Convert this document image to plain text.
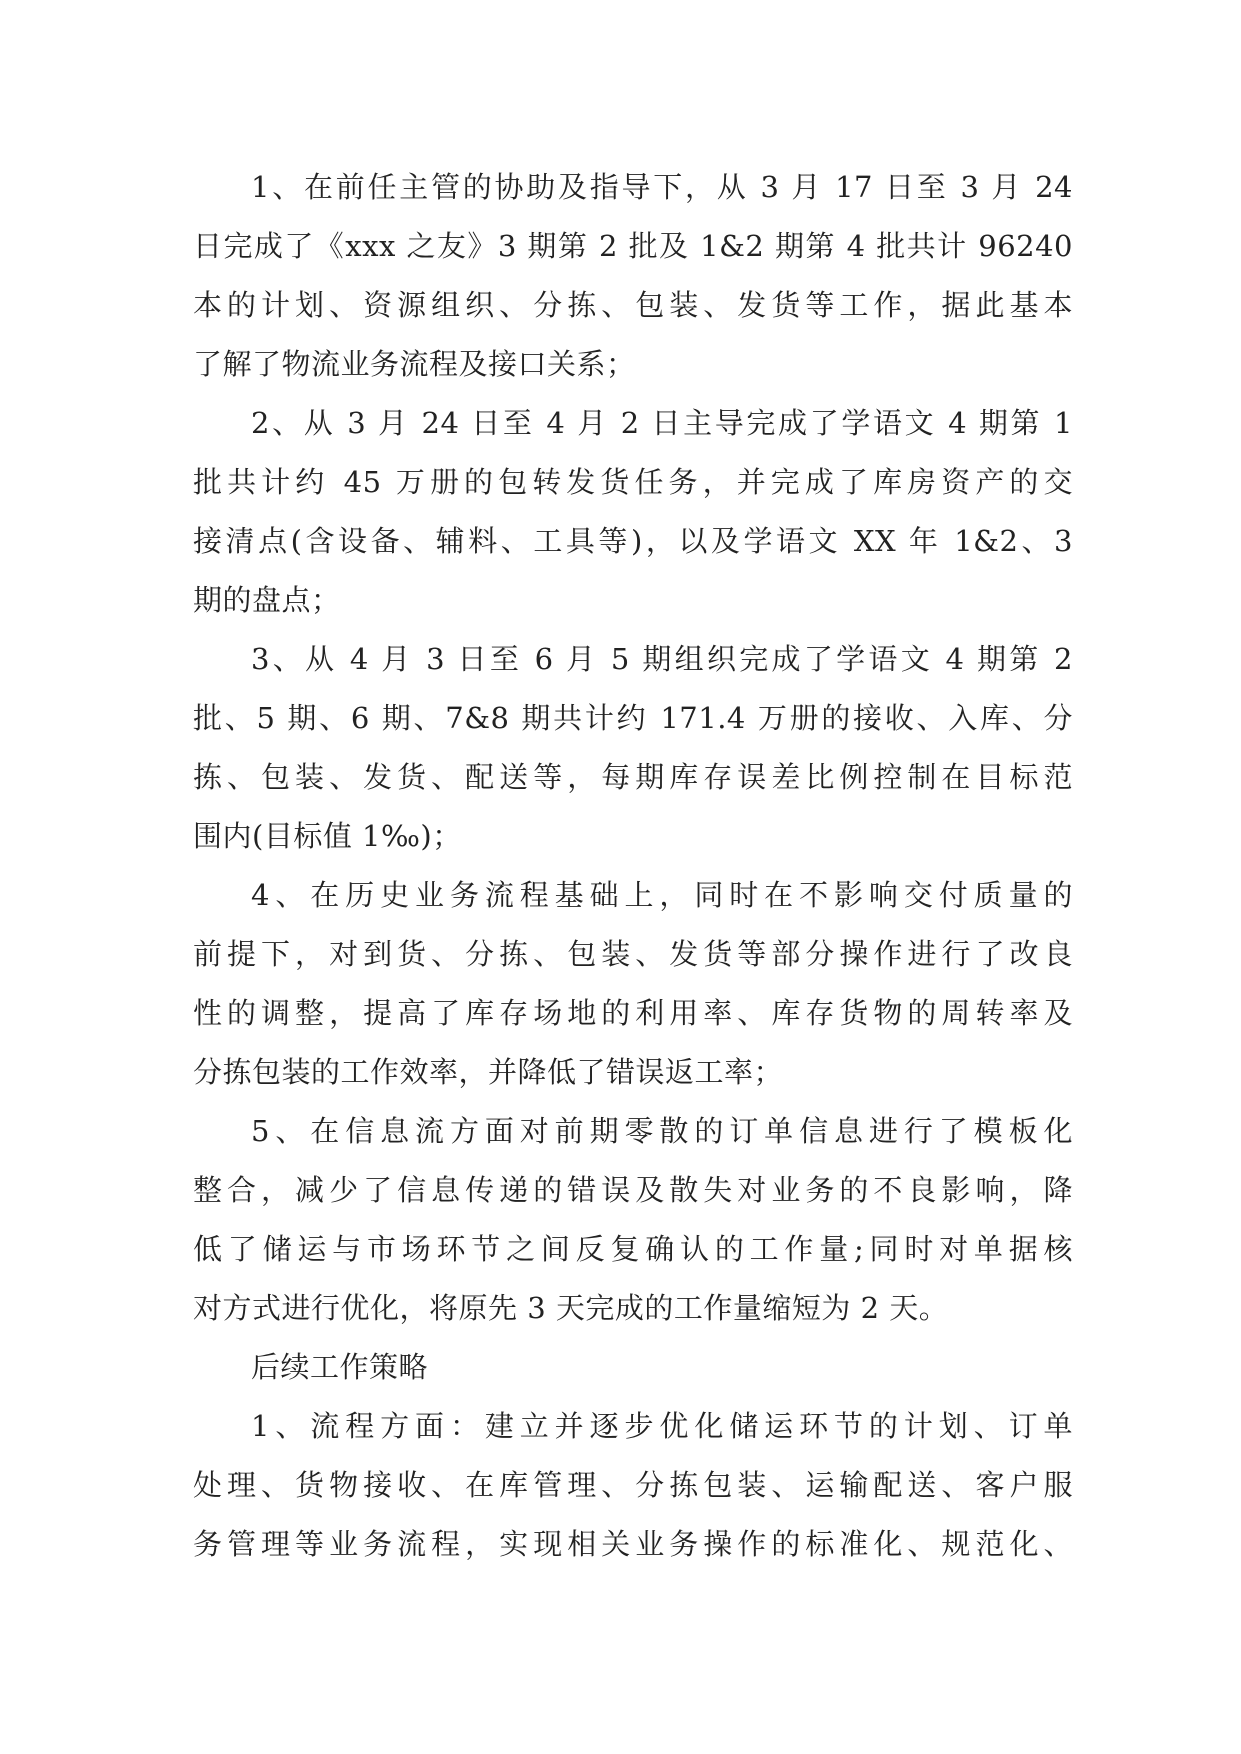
1、在前任主管的协助及指导下，从 3 月 17 日至 3 月 24
日完成了《xxx 之友》3 期第 2 批及 1&2 期第 4 批共计 96240
本的计划、资源组织、分拣、包装、发货等工作，据此基本
了解了物流业务流程及接口关系；
2、从 3 月 24 日至 4 月 2 日主导完成了学语文 4 期第 1
批共计约 45 万册的包转发货任务，并完成了库房资产的交
接清点(含设备、辅料、工具等)，以及学语文 XX 年 1&2、3
期的盘点；
3、从 4 月 3 日至 6 月 5 期组织完成了学语文 4 期第 2
批、5 期、6 期、7&8 期共计约 171.4 万册的接收、入库、分
拣、包装、发货、配送等，每期库存误差比例控制在目标范
围内(目标值 1‰)；
4、在历史业务流程基础上，同时在不影响交付质量的
前提下，对到货、分拣、包装、发货等部分操作进行了改良
性的调整，提高了库存场地的利用率、库存货物的周转率及
分拣包装的工作效率，并降低了错误返工率；
5、在信息流方面对前期零散的订单信息进行了模板化
整合，减少了信息传递的错误及散失对业务的不良影响，降
低了储运与市场环节之间反复确认的工作量;同时对单据核
对方式进行优化，将原先 3 天完成的工作量缩短为 2 天。
后续工作策略
1、流程方面：建立并逐步优化储运环节的计划、订单
处理、货物接收、在库管理、分拣包装、运输配送、客户服
务管理等业务流程，实现相关业务操作的标准化、规范化、
